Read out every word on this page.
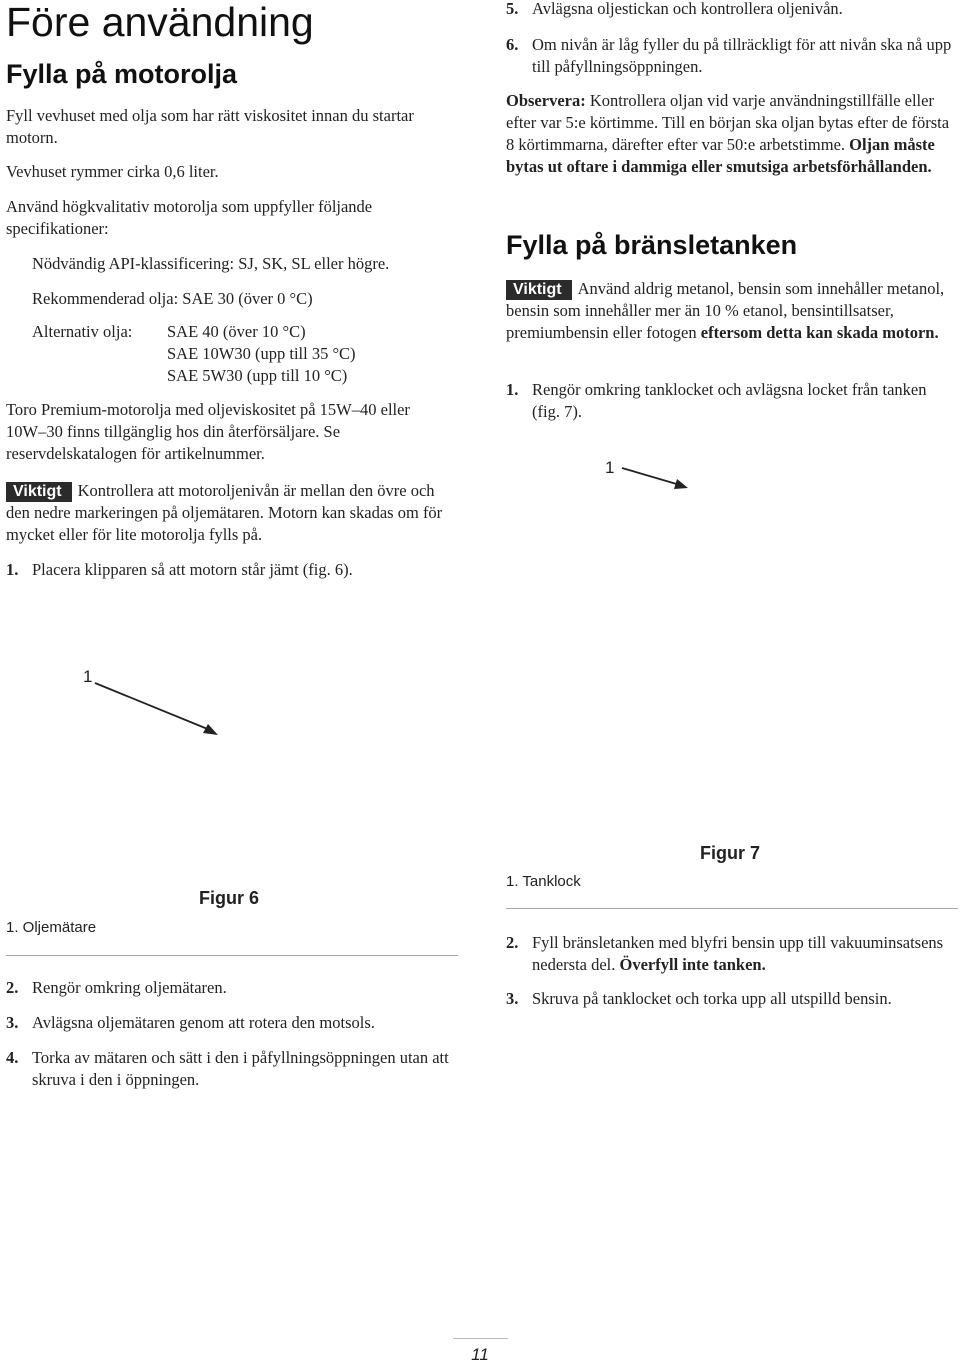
Före användning
Fylla på motorolja
Fyll vevhuset med olja som har rätt viskositet innan du startar motorn.
Vevhuset rymmer cirka 0,6 liter.
Använd högkvalitativ motorolja som uppfyller följande specifikationer:
Nödvändig API-klassificering: SJ, SK, SL eller högre.
Rekommenderad olja: SAE 30 (över 0 °C)
Alternativ olja: SAE 40 (över 10 °C)
SAE 10W30 (upp till 35 °C)
SAE 5W30 (upp till 10 °C)
Toro Premium-motorolja med oljeviskositet på 15W–40 eller 10W–30 finns tillgänglig hos din återförsäljare. Se reservdelskatalogen för artikelnummer.
Viktigt Kontrollera att motoroljenivån är mellan den övre och den nedre markeringen på oljemätaren. Motorn kan skadas om för mycket eller för lite motorolja fylls på.
1. Placera klipparen så att motorn står jämt (fig. 6).
1
Figur 6
1. Oljemätare
2. Rengör omkring oljemätaren.
3. Avlägsna oljemätaren genom att rotera den motsols.
4. Torka av mätaren och sätt i den i påfyllningsöppningen utan att skruva i den i öppningen.
5. Avlägsna oljestickan och kontrollera oljenivån.
6. Om nivån är låg fyller du på tillräckligt för att nivån ska nå upp till påfyllningsöppningen.
Observera: Kontrollera oljan vid varje användningstillfälle eller efter var 5:e körtimme. Till en början ska oljan bytas efter de första 8 körtimmarna, därefter efter var 50:e arbetstimme. Oljan måste bytas ut oftare i dammiga eller smutsiga arbetsförhållanden.
Fylla på bränsletanken
Viktigt Använd aldrig metanol, bensin som innehåller metanol, bensin som innehåller mer än 10 % etanol, bensintillsatser, premiumbensin eller fotogen eftersom detta kan skada motorn.
1. Rengör omkring tanklocket och avlägsna locket från tanken (fig. 7).
1
Figur 7
1. Tanklock
2. Fyll bränsletanken med blyfri bensin upp till vakuuminsatsens nedersta del. Överfyll inte tanken.
3. Skruva på tanklocket och torka upp all utspilld bensin.
11
